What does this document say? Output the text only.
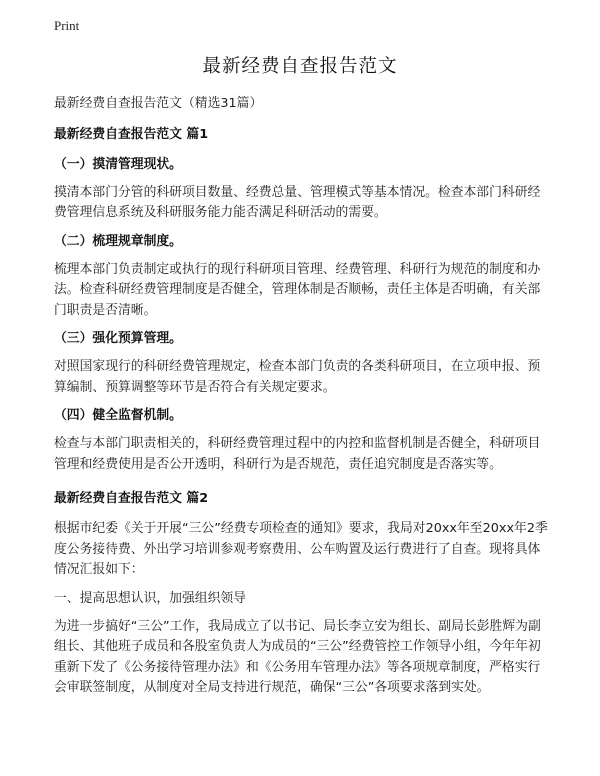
Print
最新经费自查报告范文

最新经费自查报告范文（精选31篇）

最新经费自查报告范文 篇1

（一）摸清管理现状。

摸清本部门分管的科研项目数量、经费总量、管理模式等基本情况。检查本部门科研经费管理信息系统及科研服务能力能否满足科研活动的需要。

（二）梳理规章制度。

梳理本部门负责制定或执行的现行科研项目管理、经费管理、科研行为规范的制度和办法。检查科研经费管理制度是否健全，管理体制是否顺畅，责任主体是否明确，有关部门职责是否清晰。

（三）强化预算管理。

对照国家现行的科研经费管理规定，检查本部门负责的各类科研项目，在立项申报、预算编制、预算调整等环节是否符合有关规定要求。

（四）健全监督机制。

检查与本部门职责相关的，科研经费管理过程中的内控和监督机制是否健全，科研项目管理和经费使用是否公开透明，科研行为是否规范，责任追究制度是否落实等。

最新经费自查报告范文 篇2

根据市纪委《关于开展“三公”经费专项检查的通知》要求，我局对20xx年至20xx年2季度公务接待费、外出学习培训参观考察费用、公车购置及运行费进行了自查。现将具体情况汇报如下：

一、提高思想认识，加强组织领导

为进一步搞好“三公”工作，我局成立了以书记、局长李立安为组长、副局长彭胜辉为副组长、其他班子成员和各股室负责人为成员的“三公”经费管控工作领导小组，今年年初重新下发了《公务接待管理办法》和《公务用车管理办法》等各项规章制度，严格实行会审联签制度，从制度对全局支持进行规范，确保“三公”各项要求落到实处。
